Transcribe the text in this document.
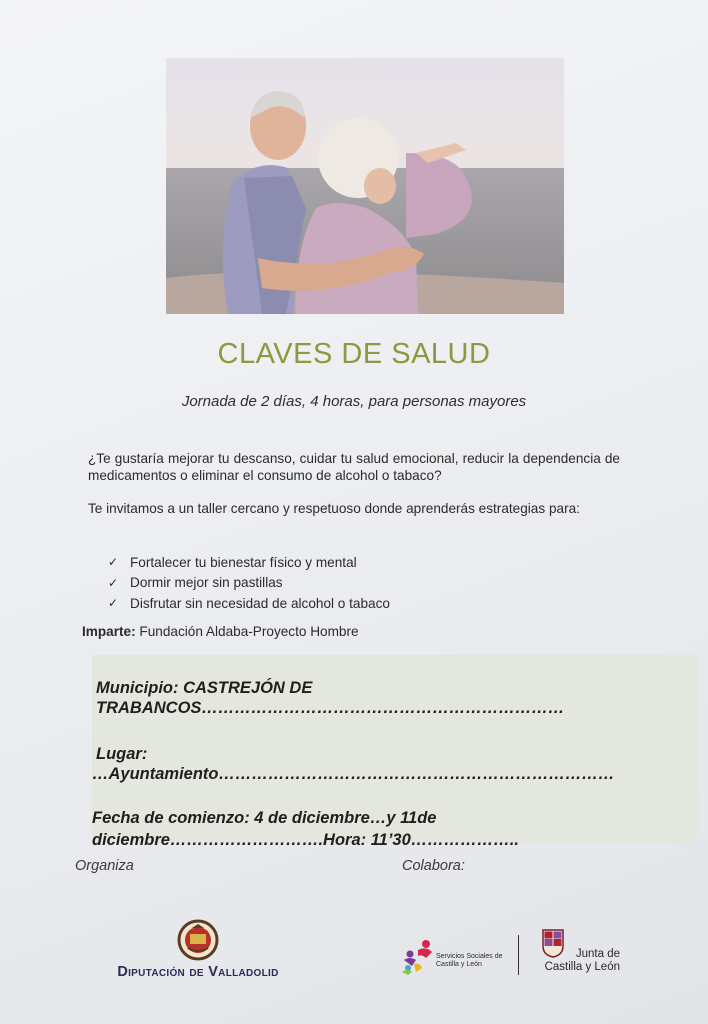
CLAVES DE SALUD
Jornada de 2 días, 4 horas, para personas mayores
¿Te gustaría mejorar tu descanso, cuidar tu salud emocional, reducir la dependencia de medicamentos o eliminar el consumo de alcohol o tabaco?
Te invitamos a un taller cercano y respetuoso donde aprenderás estrategias para:
✓ Fortalecer tu bienestar físico y mental
✓ Dormir mejor sin pastillas
✓ Disfrutar sin necesidad de alcohol o tabaco
Imparte: Fundación Aldaba-Proyecto Hombre
Municipio: CASTREJÓN DE
TRABANCOS…………………………………………………………
Lugar:
…Ayuntamiento………………………………………………………………
Fecha de comienzo: 4 de diciembre…y 11de
diciembre……………………….Hora: 11’30………………..
Organiza	Colabora:
Diputación de Valladolid
Servicios Sociales de Castilla y León
Junta de
Castilla y León
